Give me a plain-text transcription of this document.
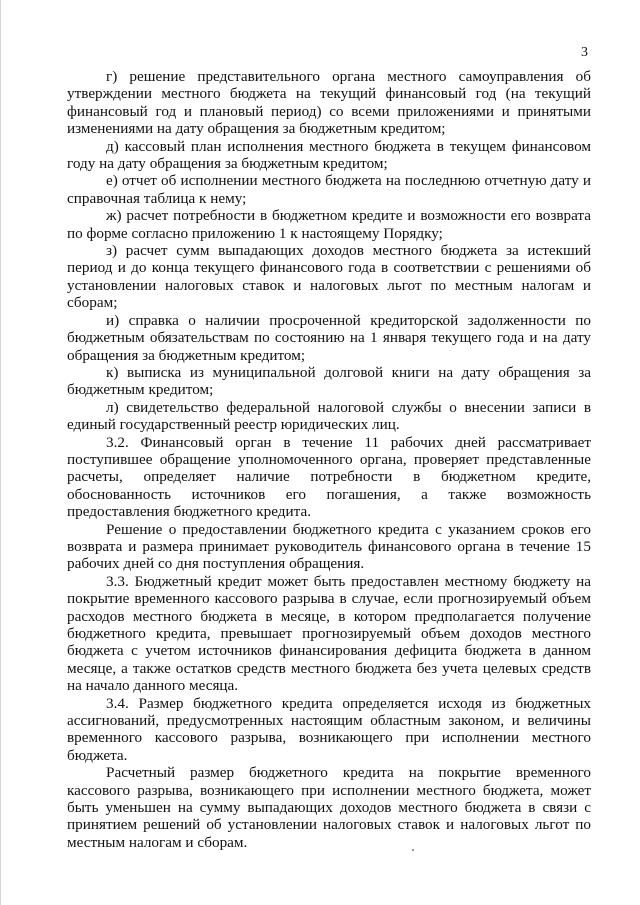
3

г) решение представительного органа местного самоуправления об утверждении местного бюджета на текущий финансовый год (на текущий финансовый год и плановый период) со всеми приложениями и принятыми изменениями на дату обращения за бюджетным кредитом;

д) кассовый план исполнения местного бюджета в текущем финансовом году на дату обращения за бюджетным кредитом;

е) отчет об исполнении местного бюджета на последнюю отчетную дату и справочная таблица к нему;

ж) расчет потребности в бюджетном кредите и возможности его возврата по форме согласно приложению 1 к настоящему Порядку;

з) расчет сумм выпадающих доходов местного бюджета за истекший период и до конца текущего финансового года в соответствии с решениями об установлении налоговых ставок и налоговых льгот по местным налогам и сборам;

и) справка о наличии просроченной кредиторской задолженности по бюджетным обязательствам по состоянию на 1 января текущего года и на дату обращения за бюджетным кредитом;

к) выписка из муниципальной долговой книги на дату обращения за бюджетным кредитом;

л) свидетельство федеральной налоговой службы о внесении записи в единый государственный реестр юридических лиц.

3.2. Финансовый орган в течение 11 рабочих дней рассматривает поступившее обращение уполномоченного органа, проверяет представленные расчеты, определяет наличие потребности в бюджетном кредите, обоснованность источников его погашения, а также возможность предоставления бюджетного кредита.

Решение о предоставлении бюджетного кредита с указанием сроков его возврата и размера принимает руководитель финансового органа в течение 15 рабочих дней со дня поступления обращения.

3.3. Бюджетный кредит может быть предоставлен местному бюджету на покрытие временного кассового разрыва в случае, если прогнозируемый объем расходов местного бюджета в месяце, в котором предполагается получение бюджетного кредита, превышает прогнозируемый объем доходов местного бюджета с учетом источников финансирования дефицита бюджета в данном месяце, а также остатков средств местного бюджета без учета целевых средств на начало данного месяца.

3.4. Размер бюджетного кредита определяется исходя из бюджетных ассигнований, предусмотренных настоящим областным законом, и величины временного кассового разрыва, возникающего при исполнении местного бюджета.

Расчетный размер бюджетного кредита на покрытие временного кассового разрыва, возникающего при исполнении местного бюджета, может быть уменьшен на сумму выпадающих доходов местного бюджета в связи с принятием решений об установлении налоговых ставок и налоговых льгот по местным налогам и сборам.
